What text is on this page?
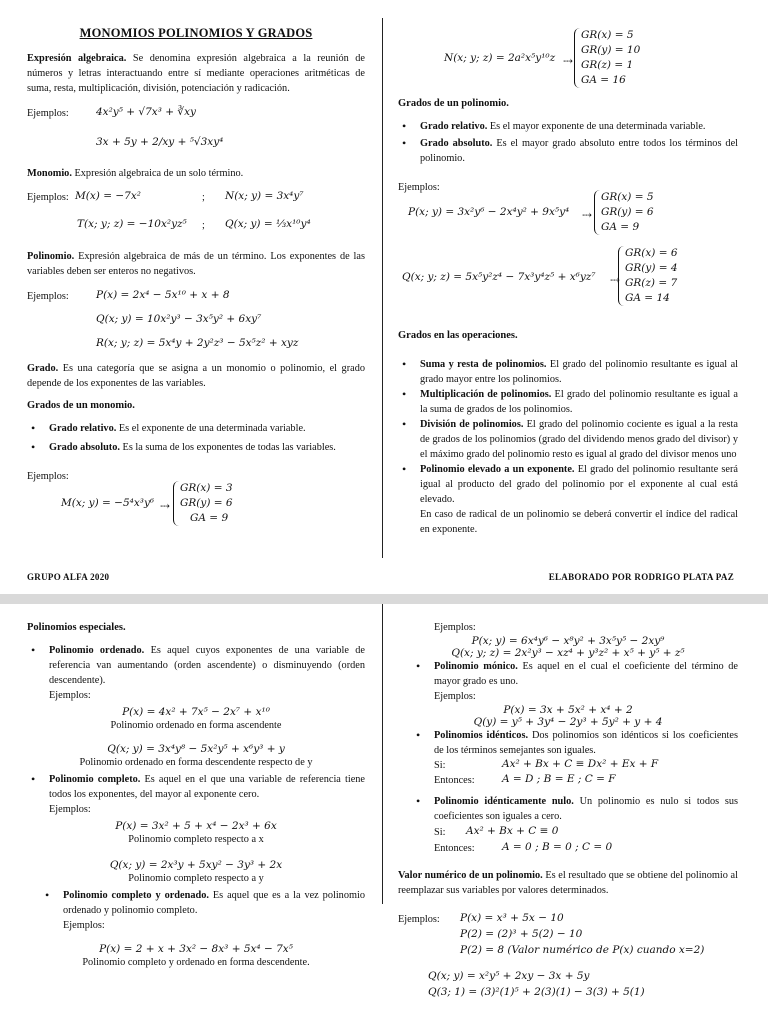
MONOMIOS POLINOMIOS Y GRADOS

Expresión algebraica. Se denomina expresión algebraica a la reunión de números y letras interactuando entre sí mediante operaciones aritméticas de suma, resta, multiplicación, división, potenciación y radicación.

Ejemplos:	4x²y⁵ + √7x³ + ∛xy
3x + 5y + 2/xy + ⁵√3xy⁴

Monomio. Expresión algebraica de un solo término.

Ejemplos: M(x) = −7x²	; N(x; y) = 3x⁴y⁷
T(x; y; z) = −10x²yz⁵ ; Q(x; y) = ⅓x¹⁰y⁴

Polinomio. Expresión algebraica de más de un término. Los exponentes de las variables deben ser enteros no negativos.

Ejemplos:	P(x) = 2x⁴ − 5x¹⁰ + x + 8
Q(x; y) = 10x²y³ − 3x⁵y² + 6xy⁷
R(x; y; z) = 5x⁴y + 2y²z³ − 5x⁵z² + xyz

Grado. Es una categoría que se asigna a un monomio o polinomio, el grado depende de los exponentes de las variables.

Grados de un monomio.
• Grado relativo. Es el exponente de una determinada variable.
• Grado absoluto. Es la suma de los exponentes de todas las variables.
Ejemplos:
M(x; y) = −5⁴x³y⁶ ⤏
GR(x) = 3
GR(y) = 6
GA = 9
N(x; y; z) = 2a²x⁵y¹⁰z ⤏
GR(x) = 5
GR(y) = 10
GR(z) = 1
GA = 16
Grados de un polinomio.
• Grado relativo. Es el mayor exponente de una determinada variable.
• Grado absoluto. Es el mayor grado absoluto entre todos los términos del polinomio.
Ejemplos:
P(x; y) = 3x²y⁶ − 2x⁴y² + 9x⁵y⁴ ⤏
GR(x) = 5
GR(y) = 6
GA = 9
Q(x; y; z) = 5x⁵y²z⁴ − 7x³y⁴z⁵ + x⁶yz⁷ ⤏
GR(x) = 6
GR(y) = 4
GR(z) = 7
GA = 14
Grados en las operaciones.
• Suma y resta de polinomios. El grado del polinomio resultante es igual al grado mayor entre los polinomios.
• Multiplicación de polinomios. El grado del polinomio resultante es igual a la suma de grados de los polinomios.
• División de polinomios. El grado del polinomio cociente es igual a la resta de grados de los polinomios (grado del dividendo menos grado del divisor) y el máximo grado del polinomio resto es igual al grado del divisor menos uno
• Polinomio elevado a un exponente. El grado del polinomio resultante será igual al producto del grado del polinomio por el exponente al cual está elevado.
En caso de radical de un polinomio se deberá convertir el índice del radical en exponente.
GRUPO ALFA 2020	ELABORADO POR RODRIGO PLATA PAZ
Polinomios especiales.
• Polinomio ordenado. Es aquel cuyos exponentes de una variable de referencia van aumentando (orden ascendente) o disminuyendo (orden descendente).
Ejemplos:
P(x) = 4x² + 7x⁵ − 2x⁷ + x¹⁰
Polinomio ordenado en forma ascendente
Q(x; y) = 3x⁴y⁸ − 5x²y⁵ + x⁶y³ + y
Polinomio ordenado en forma descendente respecto de y
• Polinomio completo. Es aquel en el que una variable de referencia tiene todos los exponentes, del mayor al exponente cero.
Ejemplos:
P(x) = 3x² + 5 + x⁴ − 2x³ + 6x
Polinomio completo respecto a x
Q(x; y) = 2x³y + 5xy² − 3y³ + 2x
Polinomio completo respecto a y
• Polinomio completo y ordenado. Es aquel que es a la vez polinomio ordenado y polinomio completo.
Ejemplos:
P(x) = 2 + x + 3x² − 8x³ + 5x⁴ − 7x⁵
Polinomio completo y ordenado en forma descendente.
Ejemplos:
P(x; y) = 6x⁴y⁶ − x⁸y² + 3x⁵y⁵ − 2xy⁹
Q(x; y; z) = 2x²y³ − xz⁴ + y³z² + x⁵ + y⁵ + z⁵
• Polinomio mónico. Es aquel en el cual el coeficiente del término de mayor grado es uno.
Ejemplos:
P(x) = 3x + 5x² + x⁴ + 2
Q(y) = y⁵ + 3y⁴ − 2y³ + 5y² + y + 4
• Polinomios idénticos. Dos polinomios son idénticos si los coeficientes de los términos semejantes son iguales.
Si:	Ax² + Bx + C ≡ Dx² + Ex + F
Entonces:	A = D ; B = E ; C = F
• Polinomio idénticamente nulo. Un polinomio es nulo si todos sus coeficientes son iguales a cero.
Si: Ax² + Bx + C ≡ 0
Entonces:	A = 0 ; B = 0 ; C = 0

Valor numérico de un polinomio. Es el resultado que se obtiene del polinomio al reemplazar sus variables por valores determinados.

Ejemplos: P(x) = x³ + 5x − 10
P(2) = (2)³ + 5(2) − 10
P(2) = 8 (Valor numérico de P(x) cuando x=2)
Q(x; y) = x²y⁵ + 2xy − 3x + 5y
Q(3; 1) = (3)²(1)⁵ + 2(3)(1) − 3(3) + 5(1)
